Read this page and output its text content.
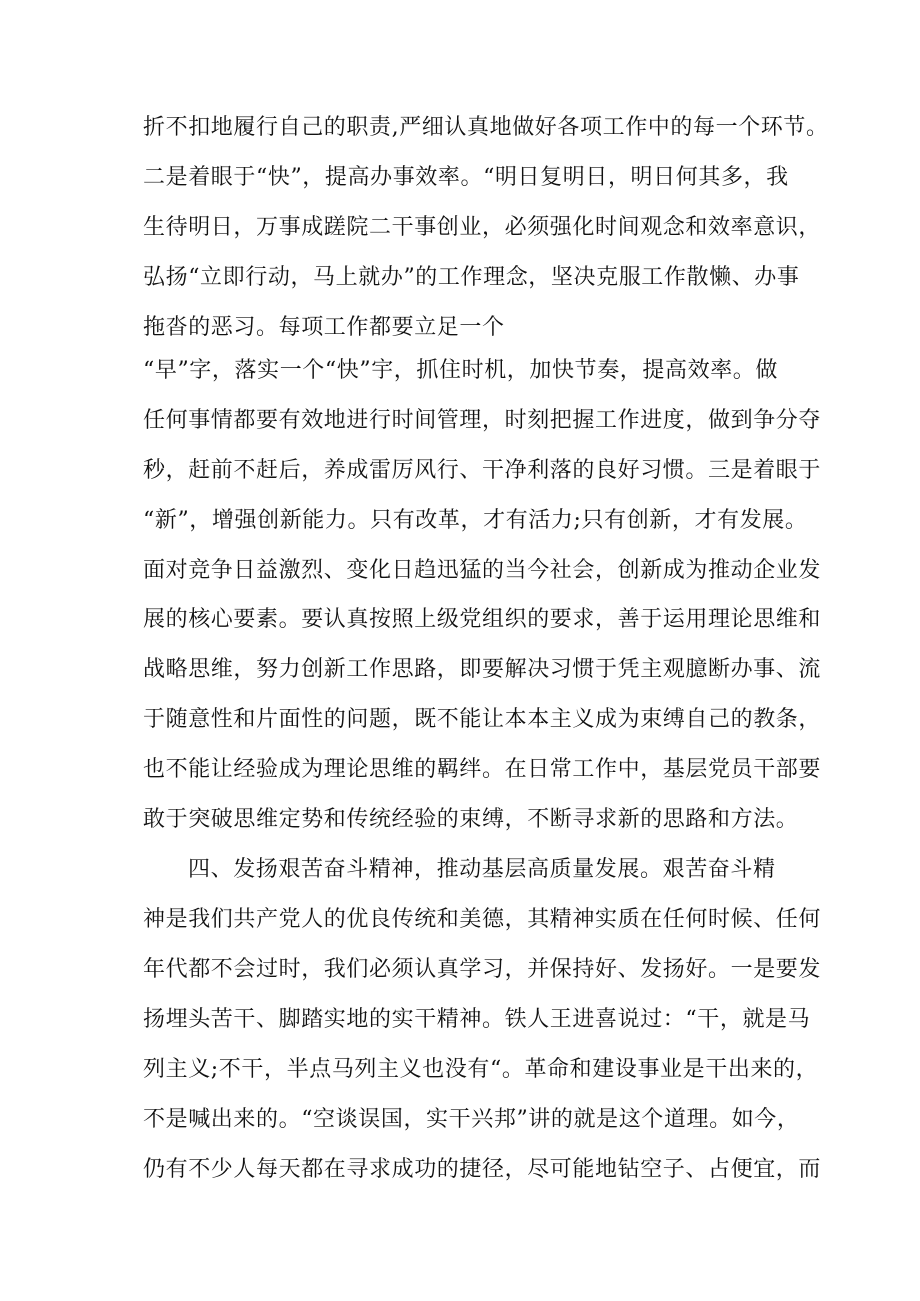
折不扣地履行自己的职责,严细认真地做好各项工作中的每一个环节。

二是着眼于“快”，提高办事效率。“明日复明日，明日何其多，我

生待明日，万事成蹉院二干事创业，必须强化时间观念和效率意识，

弘扬“立即行动，马上就办”的工作理念，坚决克服工作散懒、办事

拖沓的恶习。每项工作都要立足一个

“早”字，落实一个“快”宇，抓住时机，加快节奏，提高效率。做

任何事情都要有效地进行时间管理，时刻把握工作进度，做到争分夺

秒，赶前不赶后，养成雷厉风行、干净利落的良好习惯。三是着眼于

“新”，增强创新能力。只有改革，才有活力;只有创新，才有发展。

面对竞争日益激烈、变化日趋迅猛的当今社会，创新成为推动企业发

展的核心要素。要认真按照上级党组织的要求，善于运用理论思维和

战略思维，努力创新工作思路，即要解决习惯于凭主观臆断办事、流

于随意性和片面性的问题，既不能让本本主义成为束缚自己的教条，

也不能让经验成为理论思维的羁绊。在日常工作中，基层党员干部要

敢于突破思维定势和传统经验的束缚，不断寻求新的思路和方法。

四、发扬艰苦奋斗精神，推动基层高质量发展。艰苦奋斗精

神是我们共产党人的优良传统和美德，其精神实质在任何时候、任何

年代都不会过时，我们必须认真学习，并保持好、发扬好。一是要发

扬埋头苦干、脚踏实地的实干精神。铁人王进喜说过：“干，就是马

列主义;不干，半点马列主义也没有“。革命和建设事业是干出来的，

不是喊出来的。“空谈误国，实干兴邦”讲的就是这个道理。如今，

仍有不少人每天都在寻求成功的捷径，尽可能地钻空子、占便宜，而
